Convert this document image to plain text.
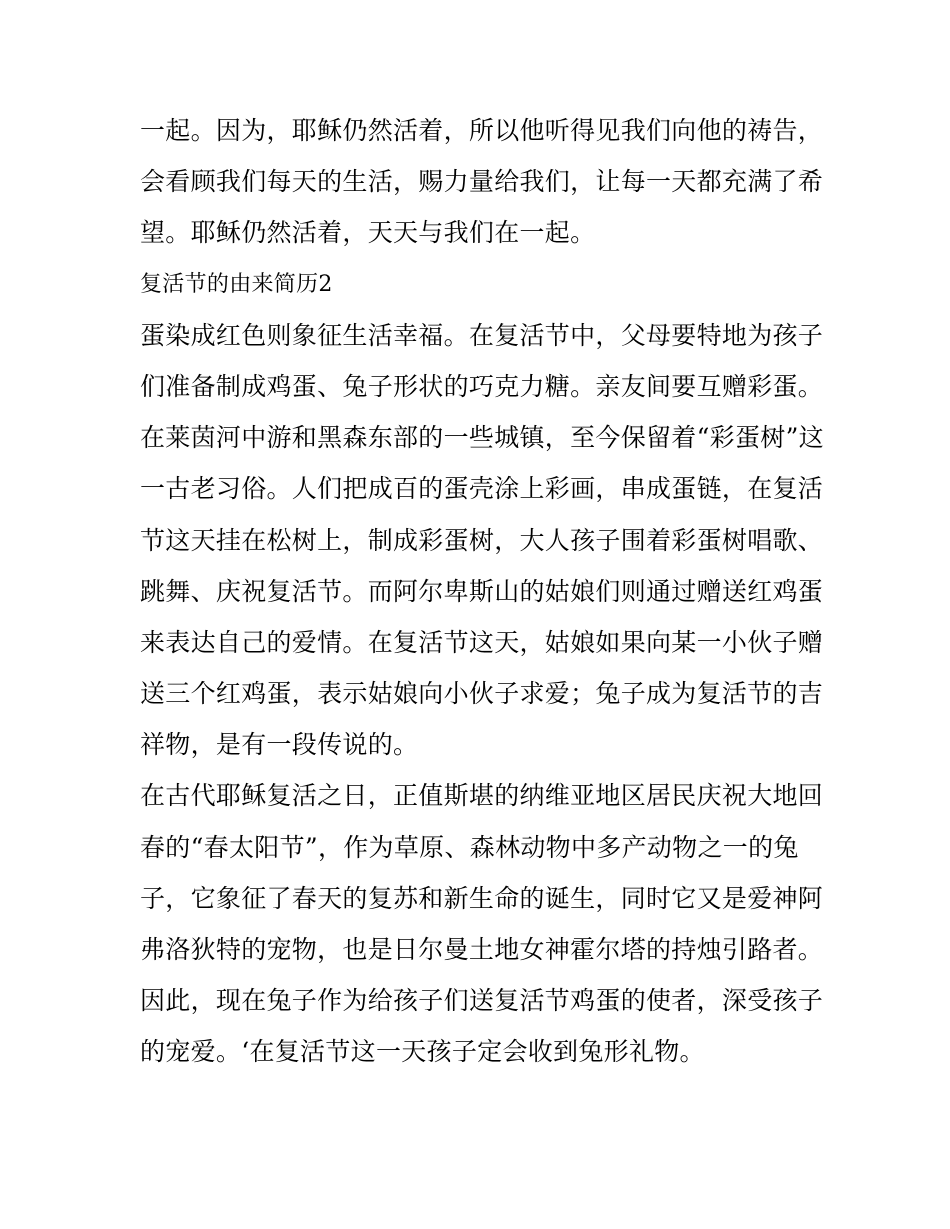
一起。因为，耶稣仍然活着，所以他听得见我们向他的祷告，
会看顾我们每天的生活，赐力量给我们，让每一天都充满了希
望。耶稣仍然活着，天天与我们在一起。
复活节的由来简历2
蛋染成红色则象征生活幸福。在复活节中，父母要特地为孩子
们准备制成鸡蛋、兔子形状的巧克力糖。亲友间要互赠彩蛋。
在莱茵河中游和黑森东部的一些城镇，至今保留着“彩蛋树”这
一古老习俗。人们把成百的蛋壳涂上彩画，串成蛋链，在复活
节这天挂在松树上，制成彩蛋树，大人孩子围着彩蛋树唱歌、
跳舞、庆祝复活节。而阿尔卑斯山的姑娘们则通过赠送红鸡蛋
来表达自己的爱情。在复活节这天，姑娘如果向某一小伙子赠
送三个红鸡蛋，表示姑娘向小伙子求爱；兔子成为复活节的吉
祥物，是有一段传说的。
在古代耶稣复活之日，正值斯堪的纳维亚地区居民庆祝大地回
春的“春太阳节”，作为草原、森林动物中多产动物之一的兔
子，它象征了春天的复苏和新生命的诞生，同时它又是爱神阿
弗洛狄特的宠物，也是日尔曼土地女神霍尔塔的持烛引路者。
因此，现在兔子作为给孩子们送复活节鸡蛋的使者，深受孩子
的宠爱。‘在复活节这一天孩子定会收到兔形礼物。
